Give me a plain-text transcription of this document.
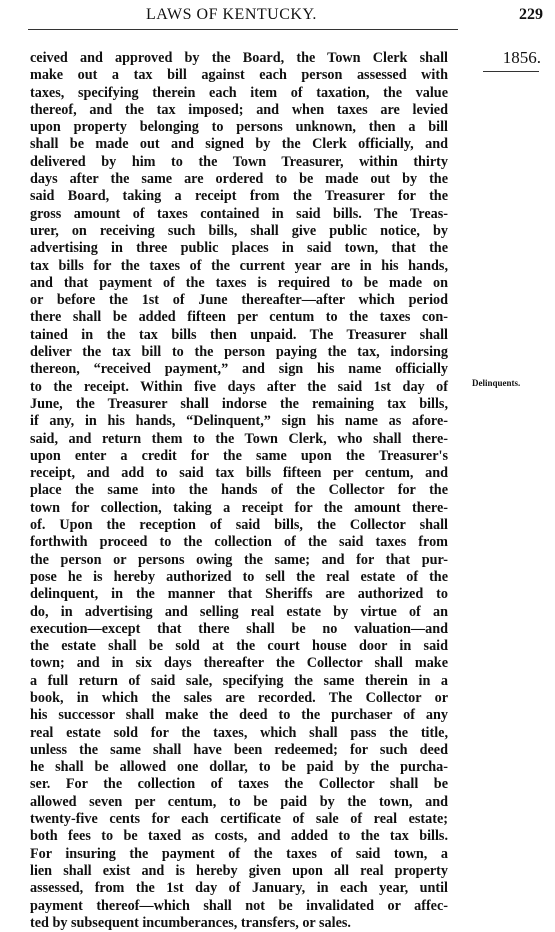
LAWS OF KENTUCKY.	229
1856.
Delinquents.
ceived and approved by the Board, the Town Clerk shall
make out a tax bill against each person assessed with
taxes, specifying therein each item of taxation, the value
thereof, and the tax imposed; and when taxes are levied
upon property belonging to persons unknown, then a bill
shall be made out and signed by the Clerk officially, and
delivered by him to the Town Treasurer, within thirty
days after the same are ordered to be made out by the
said Board, taking a receipt from the Treasurer for the
gross amount of taxes contained in said bills. The Treas-
urer, on receiving such bills, shall give public notice, by
advertising in three public places in said town, that the
tax bills for the taxes of the current year are in his hands,
and that payment of the taxes is required to be made on
or before the 1st of June thereafter—after which period
there shall be added fifteen per centum to the taxes con-
tained in the tax bills then unpaid. The Treasurer shall
deliver the tax bill to the person paying the tax, indorsing
thereon, “received payment,” and sign his name officially
to the receipt. Within five days after the said 1st day of
June, the Treasurer shall indorse the remaining tax bills,
if any, in his hands, “Delinquent,” sign his name as afore-
said, and return them to the Town Clerk, who shall there-
upon enter a credit for the same upon the Treasurer's
receipt, and add to said tax bills fifteen per centum, and
place the same into the hands of the Collector for the
town for collection, taking a receipt for the amount there-
of. Upon the reception of said bills, the Collector shall
forthwith proceed to the collection of the said taxes from
the person or persons owing the same; and for that pur-
pose he is hereby authorized to sell the real estate of the
delinquent, in the manner that Sheriffs are authorized to
do, in advertising and selling real estate by virtue of an
execution—except that there shall be no valuation—and
the estate shall be sold at the court house door in said
town; and in six days thereafter the Collector shall make
a full return of said sale, specifying the same therein in a
book, in which the sales are recorded. The Collector or
his successor shall make the deed to the purchaser of any
real estate sold for the taxes, which shall pass the title,
unless the same shall have been redeemed; for such deed
he shall be allowed one dollar, to be paid by the purcha-
ser. For the collection of taxes the Collector shall be
allowed seven per centum, to be paid by the town, and
twenty-five cents for each certificate of sale of real estate;
both fees to be taxed as costs, and added to the tax bills.
For insuring the payment of the taxes of said town, a
lien shall exist and is hereby given upon all real property
assessed, from the 1st day of January, in each year, until
payment thereof—which shall not be invalidated or affec-
ted by subsequent incumberances, transfers, or sales.
